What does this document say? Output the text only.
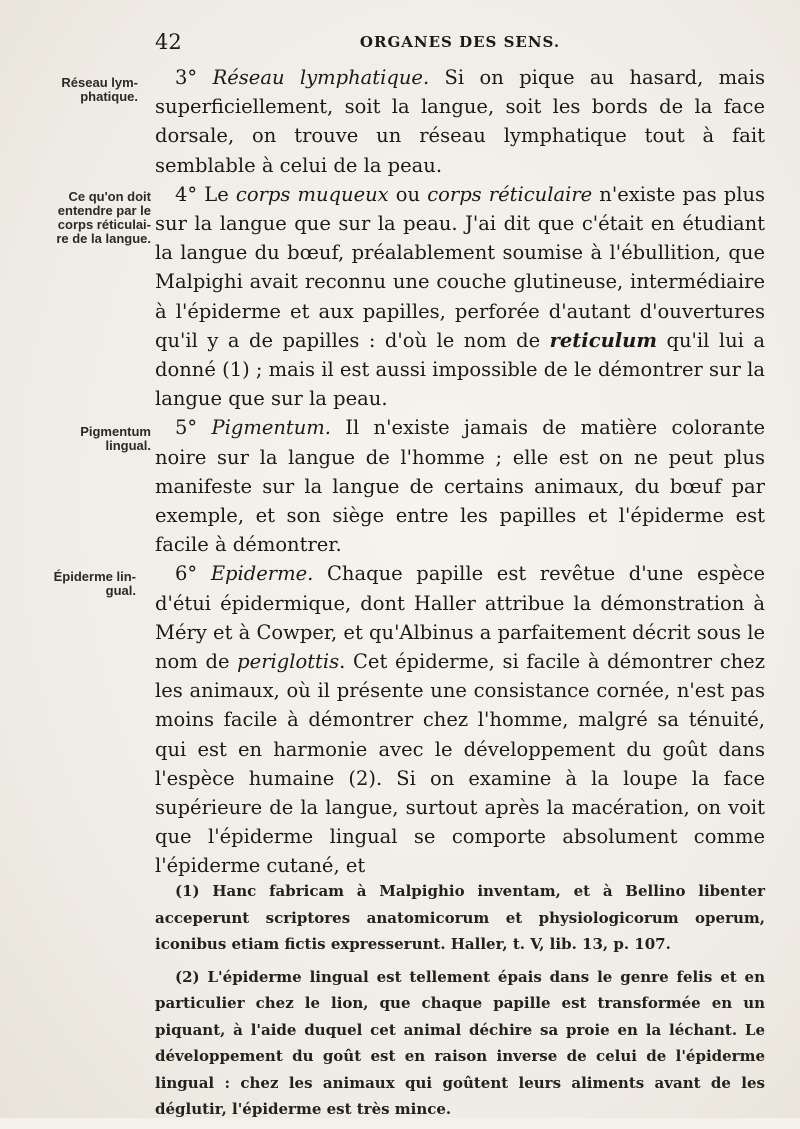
42	ORGANES DES SENS.
Réseau lym-
phatique.
Ce qu'on doit
entendre par le
corps réticulai-
re de la langue.
Pigmentum
lingual.
Épiderme lin-
gual.

3° Réseau lymphatique. Si on pique au hasard, mais superficiellement, soit la langue, soit les bords de la face dorsale, on trouve un réseau lymphatique tout à fait semblable à celui de la peau.

4° Le corps muqueux ou corps réticulaire n'existe pas plus sur la langue que sur la peau. J'ai dit que c'était en étudiant la langue du bœuf, préalablement soumise à l'ébullition, que Malpighi avait reconnu une couche glutineuse, intermédiaire à l'épiderme et aux papilles, perforée d'autant d'ouvertures qu'il y a de papilles : d'où le nom de reticulum qu'il lui a donné (1) ; mais il est aussi impossible de le démontrer sur la langue que sur la peau.

5° Pigmentum. Il n'existe jamais de matière colorante noire sur la langue de l'homme ; elle est on ne peut plus manifeste sur la langue de certains animaux, du bœuf par exemple, et son siège entre les papilles et l'épiderme est facile à démontrer.

6° Epiderme. Chaque papille est revêtue d'une espèce d'étui épidermique, dont Haller attribue la démonstration à Méry et à Cowper, et qu'Albinus a parfaitement décrit sous le nom de periglottis. Cet épiderme, si facile à démontrer chez les animaux, où il présente une consistance cornée, n'est pas moins facile à démontrer chez l'homme, malgré sa ténuité, qui est en harmonie avec le développement du goût dans l'espèce humaine (2). Si on examine à la loupe la face supérieure de la langue, surtout après la macération, on voit que l'épiderme lingual se comporte absolument comme l'épiderme cutané, et

(1) Hanc fabricam à Malpighio inventam, et à Bellino libenter acceperunt scriptores anatomicorum et physiologicorum operum, iconibus etiam fictis expresserunt. Haller, t. V, lib. 13, p. 107.

(2) L'épiderme lingual est tellement épais dans le genre felis et en particulier chez le lion, que chaque papille est transformée en un piquant, à l'aide duquel cet animal déchire sa proie en la léchant. Le développement du goût est en raison inverse de celui de l'épiderme lingual : chez les animaux qui goûtent leurs aliments avant de les déglutir, l'épiderme est très mince.
